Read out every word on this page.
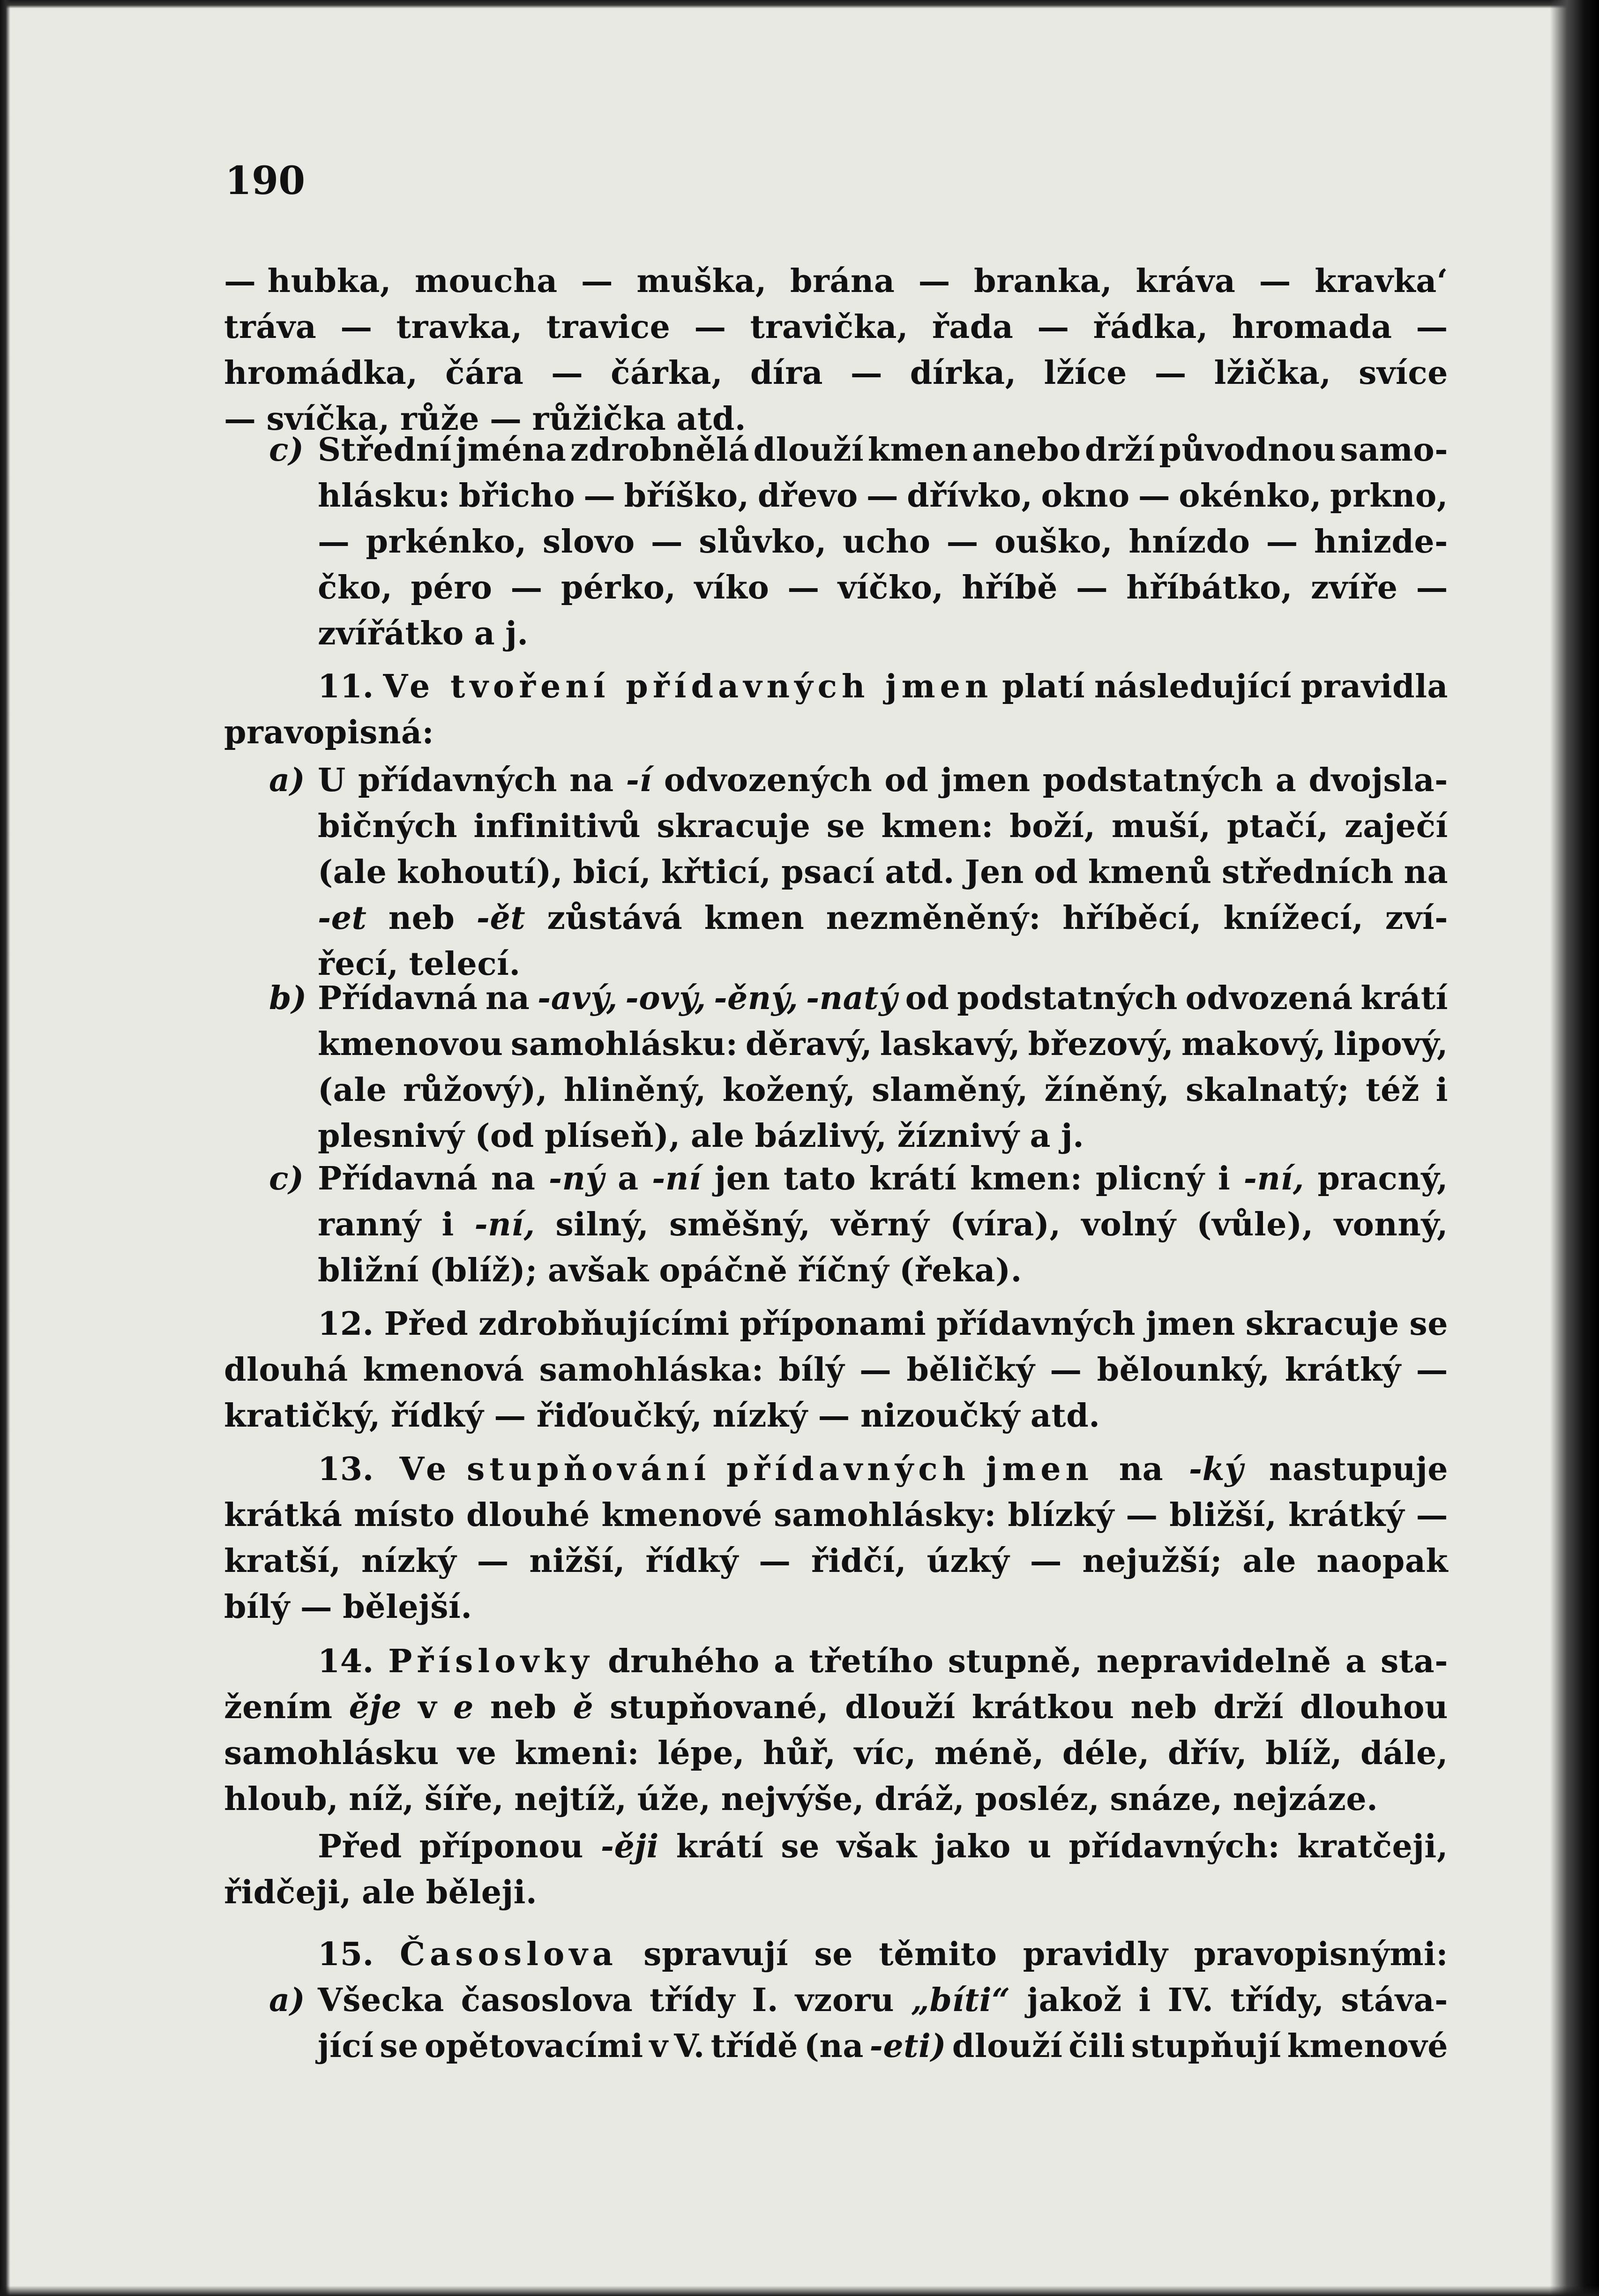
190
— hubka, moucha — muška, brána — branka, kráva — kravka‘
tráva — travka, travice — travička, řada — řádka, hromada —
hromádka, čára — čárka, díra — dírka, lžíce — lžička, svíce
— svíčka, růže — růžička atd.
c) Střední jména zdrobnělá dlouží kmen anebo drží původnou samo-
hlásku: břicho — bříško, dřevo — dřívko, okno — okénko, prkno,
— prkénko, slovo — slůvko, ucho — ouško, hnízdo — hnizde-
čko, péro — pérko, víko — víčko, hříbě — hříbátko, zvíře —
zvířátko a j.
11. Ve tvoření přídavných jmen platí následující pravidla
pravopisná:
a) U přídavných na -í odvozených od jmen podstatných a dvojsla-
bičných infinitivů skracuje se kmen: boží, muší, ptačí, zaječí
(ale kohoutí), bicí, křticí, psací atd. Jen od kmenů středních na
-et neb -ět zůstává kmen nezměněný: hříběcí, knížecí, zví-
řecí, telecí.
b) Přídavná na -avý, -ový, -ěný, -natý od podstatných odvozená krátí
kmenovou samohlásku: děravý, laskavý, březový, makový, lipový,
(ale růžový), hliněný, kožený, slaměný, žíněný, skalnatý; též i
plesnivý (od plíseň), ale bázlivý, žíznivý a j.
c) Přídavná na -ný a -ní jen tato krátí kmen: plicný i -ní, pracný,
ranný i -ní, silný, směšný, věrný (víra), volný (vůle), vonný,
bližní (blíž); avšak opáčně říčný (řeka).
12. Před zdrobňujícími příponami přídavných jmen skracuje se
dlouhá kmenová samohláska: bílý — běličký — bělounký, krátký —
kratičký, řídký — řiďoučký, nízký — nizoučký atd.
13. Ve stupňování přídavných jmen na -ký nastupuje
krátká místo dlouhé kmenové samohlásky: blízký — bližší, krátký —
kratší, nízký — nižší, řídký — řidčí, úzký — nejužší; ale naopak
bílý — bělejší.
14. Příslovky druhého a třetího stupně, nepravidelně a sta-
žením ěje v e neb ě stupňované, dlouží krátkou neb drží dlouhou
samohlásku ve kmeni: lépe, hůř, víc, méně, déle, dřív, blíž, dále,
hloub, níž, šíře, nejtíž, úže, nejvýše, dráž, posléz, snáze, nejzáze.
Před příponou -ěji krátí se však jako u přídavných: kratčeji,
řidčeji, ale běleji.
15. Časoslova spravují se těmito pravidly pravopisnými:
a) Všecka časoslova třídy I. vzoru „bíti“ jakož i IV. třídy, stáva-
jící se opětovacími v V. třídě (na -eti) dlouží čili stupňují kmenové
